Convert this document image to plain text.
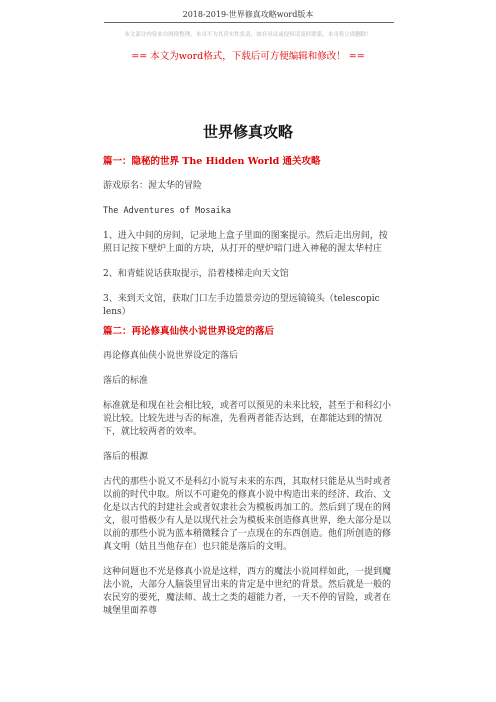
2018-2019-世界修真攻略word版本
本文部分内容来自网络整理，本司不为其真实性负责，如有异议或侵权请及时联系，本司将立即删除！
== 本文为word格式，下载后可方便编辑和修改！ ==
世界修真攻略
篇一：隐秘的世界 The Hidden World 通关攻略

游戏原名：渥太华的冒险

The Adventures of Mosaika

1、进入中间的房间，记录地上盒子里面的图案提示。然后走出房间，按照日记按下壁炉上面的方块，从打开的壁炉暗门进入神秘的渥太华村庄

2、和青蛙说话获取提示，沿着楼梯走向天文馆

3、来到天文馆，获取门口左手边篮景旁边的望远镜镜头（telescopic lens）

篇二：再论修真仙侠小说世界设定的落后

再论修真仙侠小说世界设定的落后

落后的标准

标准就是和现在社会相比较，或者可以预见的未来比较，甚至于和科幻小说比较。比较先进与否的标准，先看两者能否达到，在都能达到的情况下，就比较两者的效率。

落后的根源

古代的那些小说又不是科幻小说写未来的东西，其取材只能是从当时或者以前的时代中取。所以不可避免的修真小说中构造出来的经济、政治、文化是以古代的封建社会或者奴隶社会为模板再加工的。然后到了现在的网文，很可惜极少有人是以现代社会为模板来创造修真世界，绝大部分是以以前的那些小说为蓝本稍微糅合了一点现在的东西创造。他们所创造的修真文明（姑且当他存在）也只能是落后的文明。

这种问题也不光是修真小说是这样，西方的魔法小说同样如此，一提到魔法小说，大部分人脑袋里冒出来的肯定是中世纪的背景。然后就是一般的农民穷的要死，魔法师、战士之类的超能力者，一天不停的冒险，或者在城堡里面养尊
